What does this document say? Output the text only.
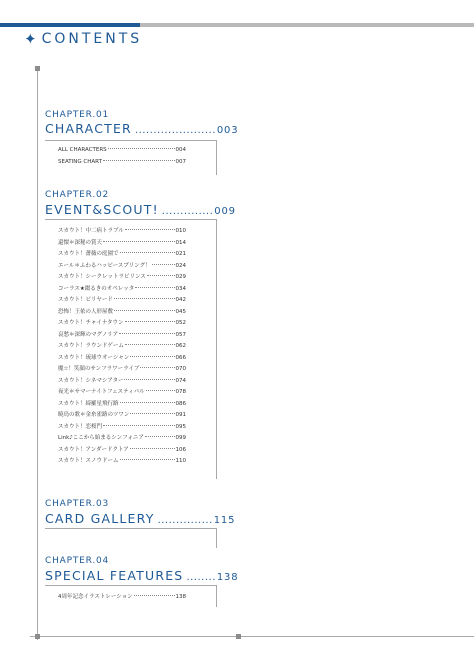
✦ CONTENTS
CHAPTER.01
CHARACTER ...................... 003
ALL CHARACTERS	004
SEATING CHART	007
CHAPTER.02
EVENT&SCOUT! .............. 009
スカウト！中二病トラブル	010
還懐＊深秘の賞天	014
スカウト！薔薇の庭園で	021
エール＊ふわるハッピースプリング！	024
スカウト！シークレットラビリンス	029
コーラス★綴るきのオペレッタ	034
スカウト！ビリヤード	042
恐怖！王依の人形屋敷	045
スカウト！チャイナタウン	052
哀愁＊深輝のマグノリア	057
スカウト！ラウンドゲーム	062
スカウト！琉球ウオーシャン	066
魔☆！笑顔のサンフラワーライブ	070
スカウト！シネマシアター	074
夜光＊サマーナイトフェスティバル	078
スカウト！綺羅星飛行路	086
暁鳥の歌＊金糸雀路のツワン	091
スカウト！恋桜門	095
Link♪ここから始まるシンフォニア	099
スカウト！アンダードクトア	106
スカウト！スノウドーム	110
CHAPTER.03
CARD GALLERY ............... 115
CHAPTER.04
SPECIAL FEATURES ........ 138
4周年記念イラストレーション	138
